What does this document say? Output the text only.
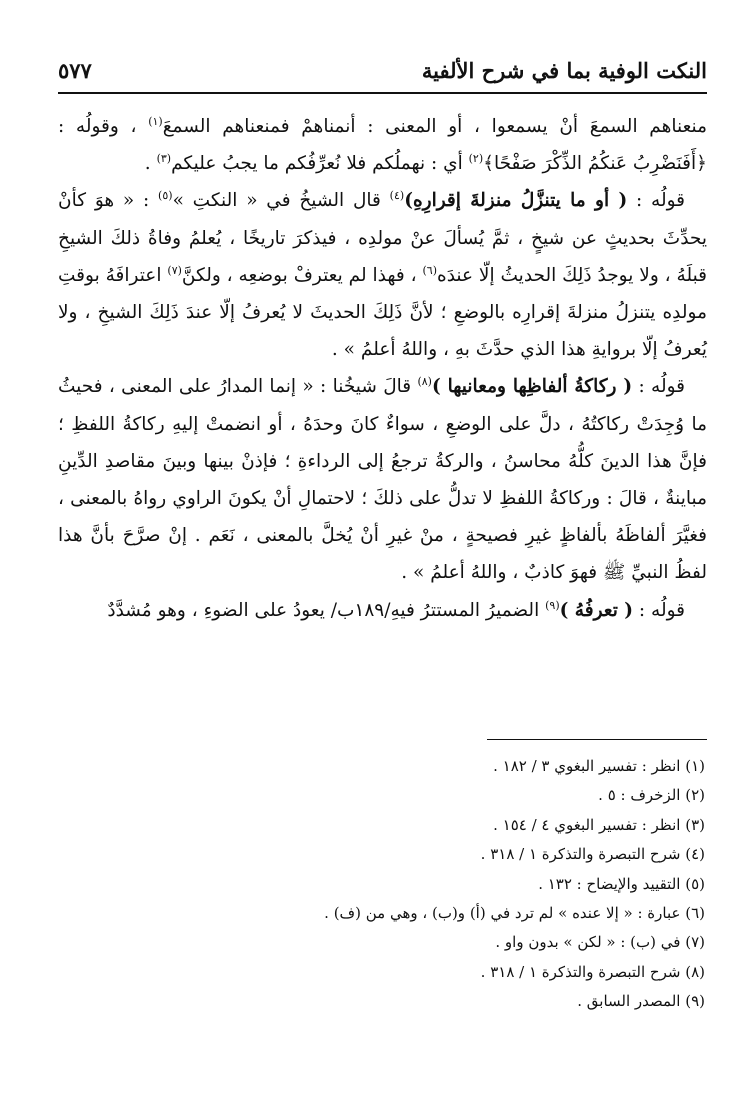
٥٧٧	النكت الوفية بما في شرح الألفية

منعناهم السمعَ أنْ يسمعوا ، أو المعنى : أنمناهمْ فمنعناهم السمعَ$^{(١)}$ ، وقولُه : ﴿أَفَنَضْرِبُ عَنكُمُ الذِّكْرَ صَفْحًا﴾$^{(٢)}$ أي : نهملُكم فلا نُعرِّفُكم ما يجبُ عليكم$^{(٣)}$ .

قولُه : ( أو ما يتنزَّلُ منزلةَ إقرارِهِ)$^{(٤)}$ قال الشيخُ في « النكتِ »$^{(٥)}$ : « هوَ كأنْ يحدِّثَ بحديثٍ عن شيخٍ ، ثمَّ يُسألَ عنْ مولدِه ، فيذكرَ تاريخًا ، يُعلمُ وفاةُ ذلكَ الشيخِ قبلَهُ ، ولا يوجدُ ذَلِكَ الحديثُ إلّا عندَه$^{(٦)}$ ، فهذا لم يعترفْ بوضعِه ، ولكنَّ$^{(٧)}$ اعترافَهُ بوقتِ مولدِه يتنزلُ منزلةَ إقرارِه بالوضعِ ؛ لأنَّ ذَلِكَ الحديثَ لا يُعرفُ إلّا عندَ ذَلِكَ الشيخِ ، ولا يُعرفُ إلّا بروايةِ هذا الذي حدَّثَ بهِ ، واللهُ أعلمُ » .

قولُه : ( ركاكةُ ألفاظِها ومعانيها )$^{(٨)}$ قالَ شيخُنا : « إنما المدارُ على المعنى ، فحيثُ ما وُجِدَتْ ركاكتُهُ ، دلَّ على الوضعِ ، سواءٌ كانَ وحدَهُ ، أو انضمتْ إليهِ ركاكةُ اللفظِ ؛ فإنَّ هذا الدينَ كلُّهُ محاسنُ ، والركةُ ترجعُ إلى الرداءةِ ؛ فإذنْ بينها وبينَ مقاصدِ الدِّينِ مباينةٌ ، قالَ : وركاكةُ اللفظِ لا تدلُّ على ذلكَ ؛ لاحتمالِ أنْ يكونَ الراوي رواهُ بالمعنى ، فغيَّرَ ألفاظَهُ بألفاظٍ غيرِ فصيحةٍ ، منْ غيرِ أنْ يُخلَّ بالمعنى ، نَعَم . إنْ صرَّحَ بأنَّ هذا لفظُ النبيِّ ﷺ فهوَ كاذبٌ ، واللهُ أعلمُ » .

قولُه : ( تعرفُهُ )$^{(٩)}$ الضميرُ المستترُ فيهِ/١٨٩ب/ يعودُ على الضوءِ ، وهو مُشدَّدٌ

(١) انظر : تفسير البغوي ٣ / ١٨٢ .
(٢) الزخرف : ٥ .
(٣) انظر : تفسير البغوي ٤ / ١٥٤ .
(٤) شرح التبصرة والتذكرة ١ / ٣١٨ .
(٥) التقييد والإيضاح : ١٣٢ .
(٦) عبارة : « إلا عنده » لم ترد في (أ) و(ب) ، وهي من (ف) .
(٧) في (ب) : « لكن » بدون واو .
(٨) شرح التبصرة والتذكرة ١ / ٣١٨ .
(٩) المصدر السابق .
